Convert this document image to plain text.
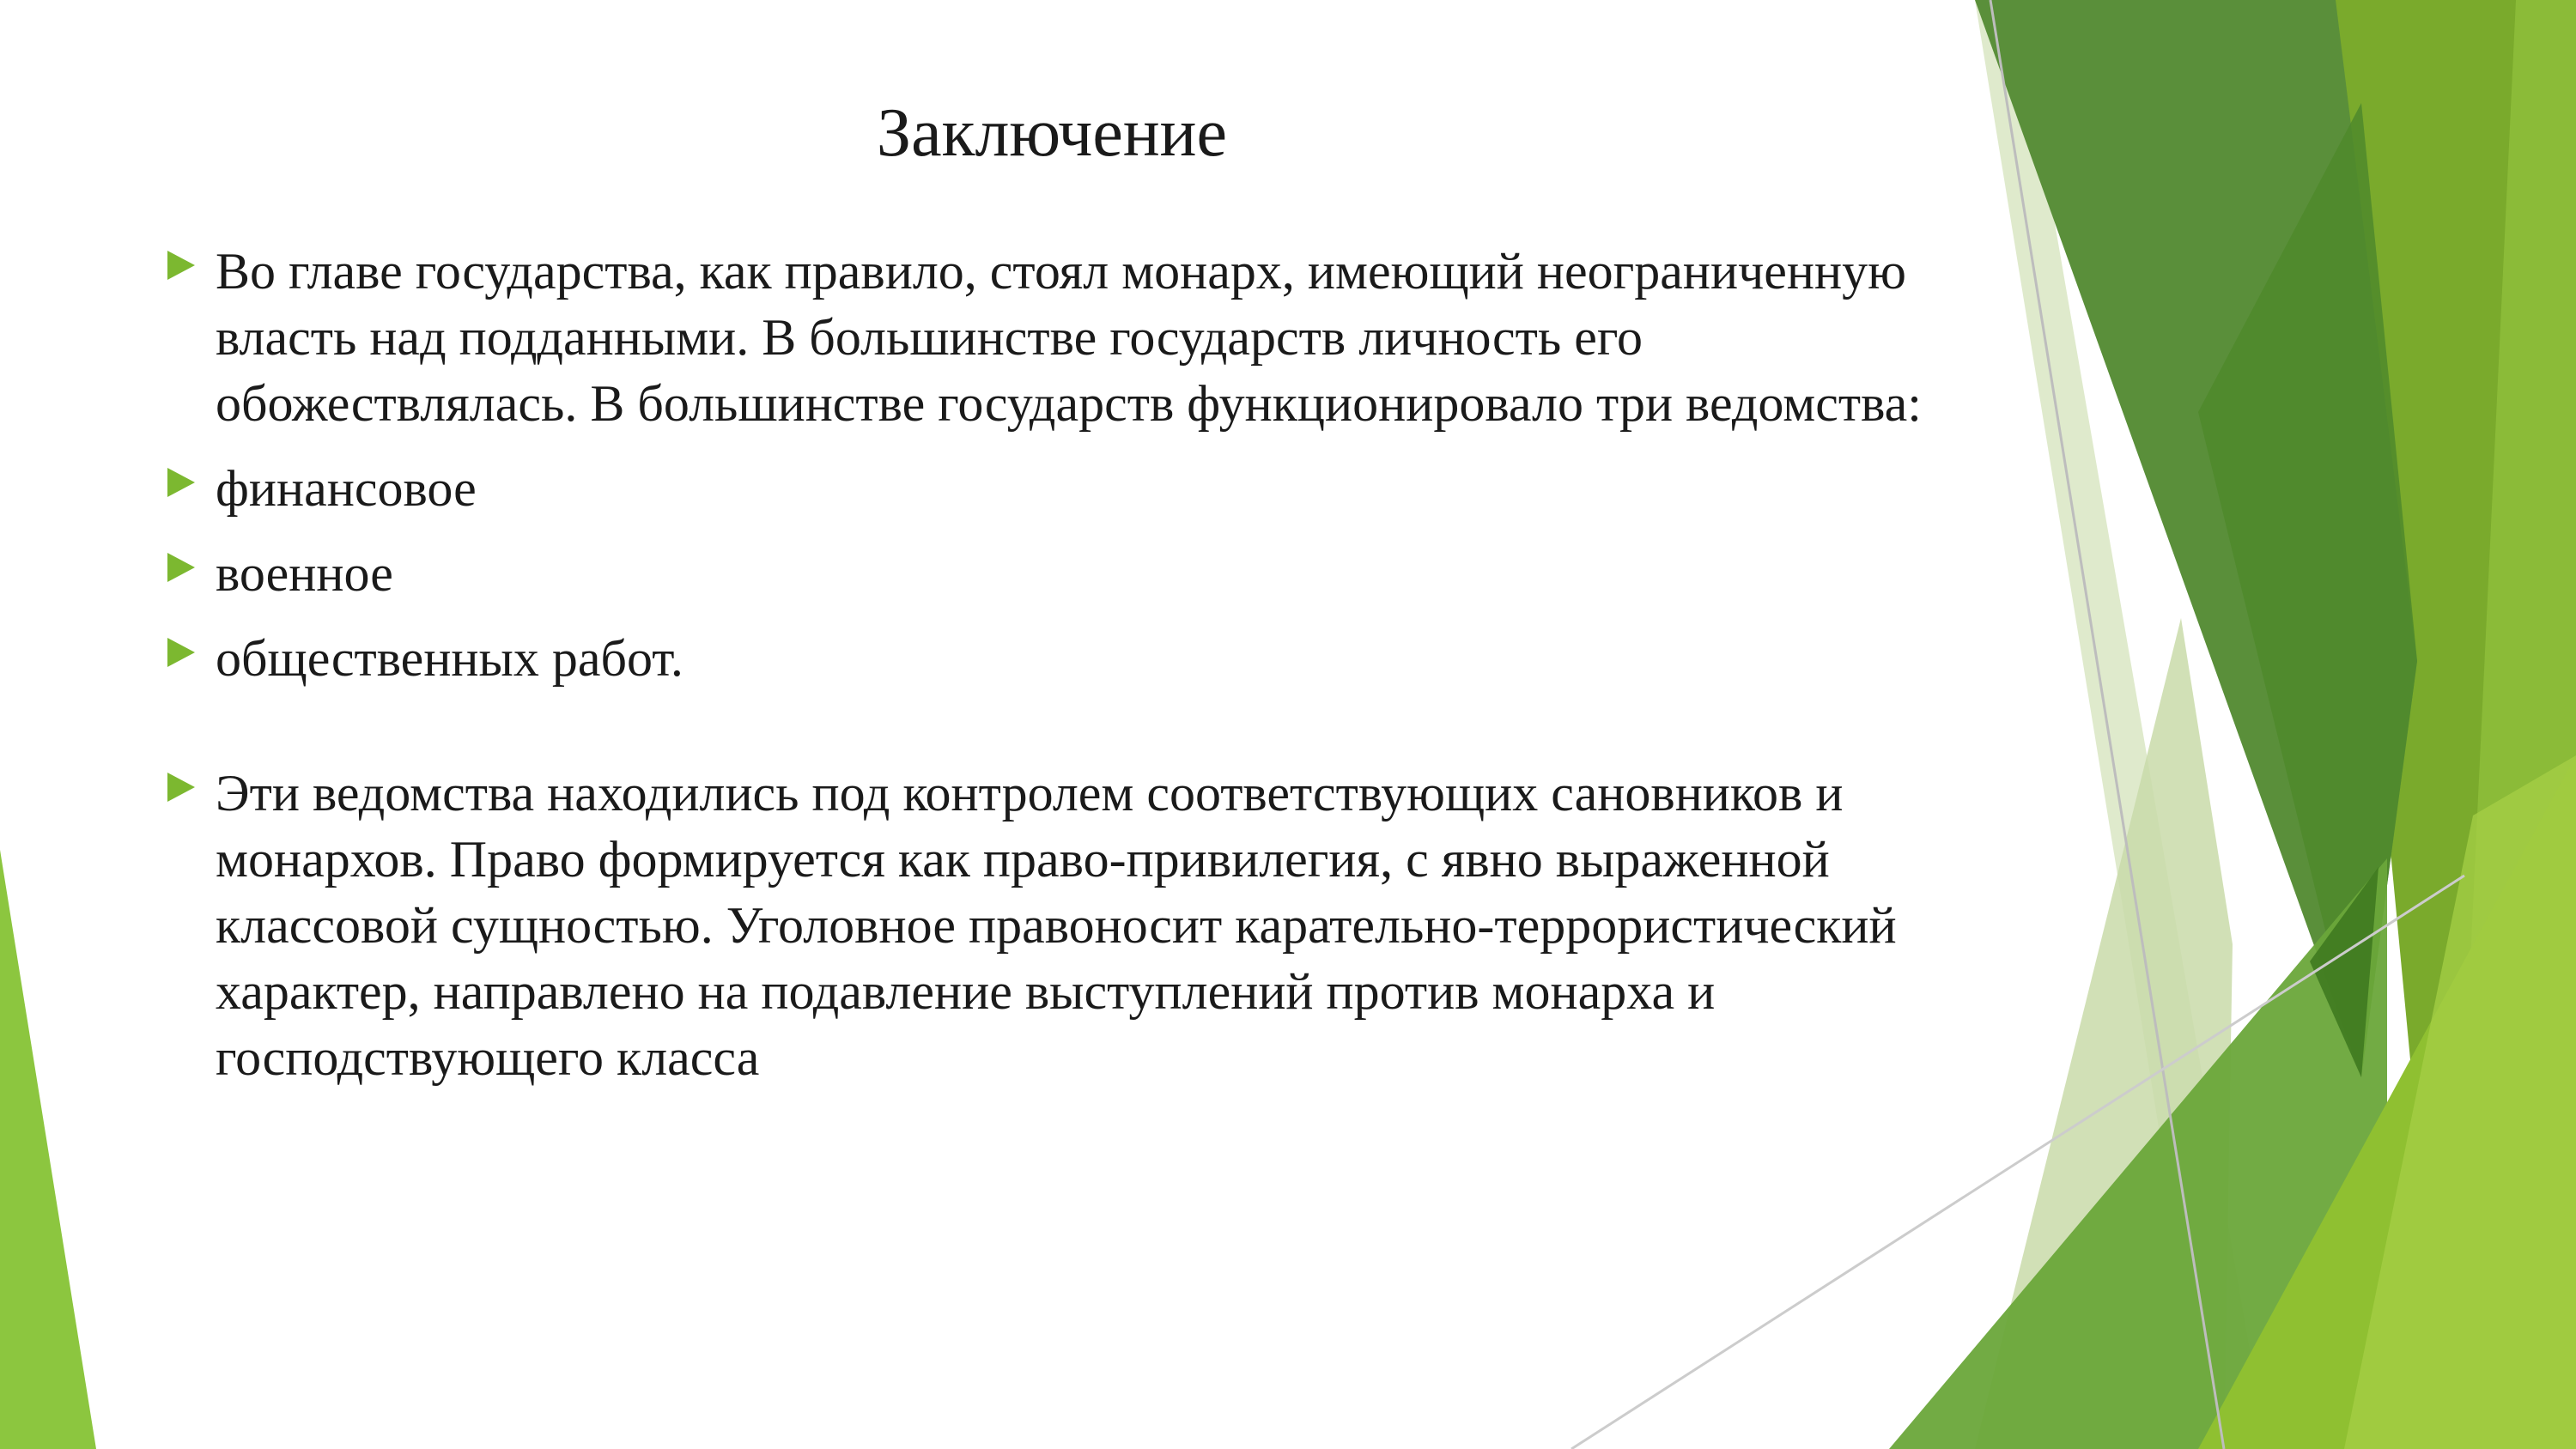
Заключение
Во главе государства, как правило, стоял монарх, имеющий неограниченную власть над подданными. В большинстве государств личность его обожествлялась. В большинстве государств функционировало три ведомства:
финансовое
военное
общественных работ.
Эти ведомства находились под контролем соответствующих сановников и монархов. Право формируется как право-привилегия, с явно выраженной классовой сущностью. Уголовное правоносит карательно-террористический характер, направлено на подавление выступлений против монарха и господствующего класса
